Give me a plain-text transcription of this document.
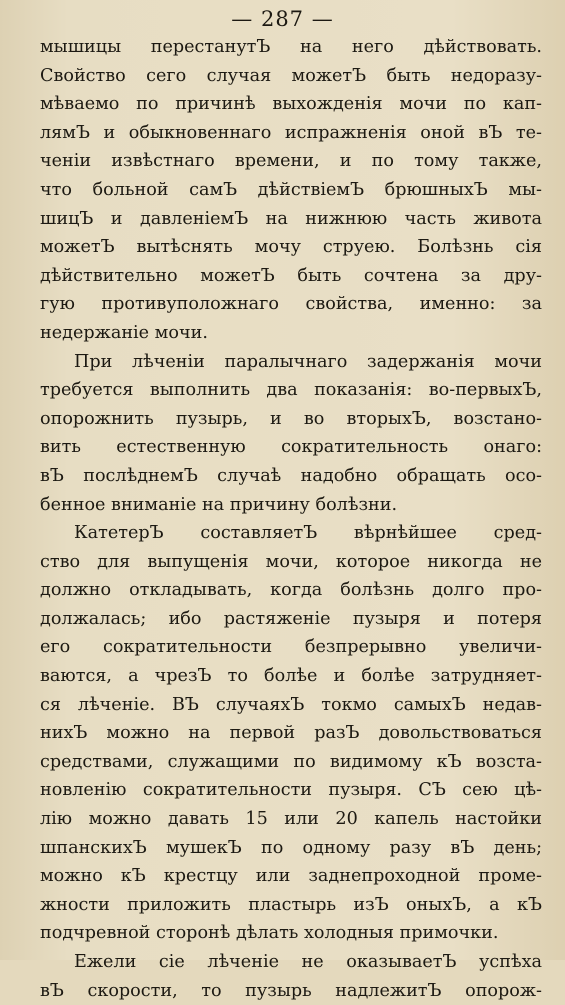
— 287 —
мышицы перестанутЪ на него дѣйствовать.
Свойство сего случая можетЪ быть недоразу-
мѣваемо по причинѣ выхожденія мочи по кап-
лямЪ и обыкновеннаго испражненія оной вЪ те-
ченіи извѣстнаго времени, и по тому также,
что больной самЪ дѣйствіемЪ брюшныхЪ мы-
шицЪ и давленіемЪ на нижнюю часть живота
можетЪ вытѣснять мочу струею. Болѣзнь сія
дѣйствительно можетЪ быть сочтена за дру-
гую противуположнаго свойства, именно: за
недержаніе мочи.
При лѣченіи паралычнаго задержанія мочи
требуется выполнить два показанія: во-первыхЪ,
опорожнить пузырь, и во вторыхЪ, возстано-
вить естественную сократительность онаго:
вЪ послѣднемЪ случаѣ надобно обращать осо-
бенное вниманіе на причину болѣзни.
КатетерЪ составляетЪ вѣрнѣйшее сред-
ство для выпущенія мочи, которое никогда не
должно откладывать, когда болѣзнь долго про-
должалась; ибо растяженіе пузыря и потеря
его сократительности безпрерывно увеличи-
ваются, а чрезЪ то болѣе и болѣе затрудняет-
ся лѣченіе. ВЪ случаяхЪ токмо самыхЪ недав-
нихЪ можно на первой разЪ довольствоваться
средствами, служащими по видимому кЪ возста-
новленію сократительности пузыря. СЪ сею цѣ-
лію можно давать 15 или 20 капель настойки
шпанскихЪ мушекЪ по одному разу вЪ день;
можно кЪ крестцу или заднепроходной проме-
жности приложить пластырь изЪ оныхЪ, а кЪ
подчревной сторонѣ дѣлать холодныя примочки.
Ежели сіе лѣченіе не оказываетЪ успѣха
вЪ скорости, то пузырь надлежитЪ опорож-
